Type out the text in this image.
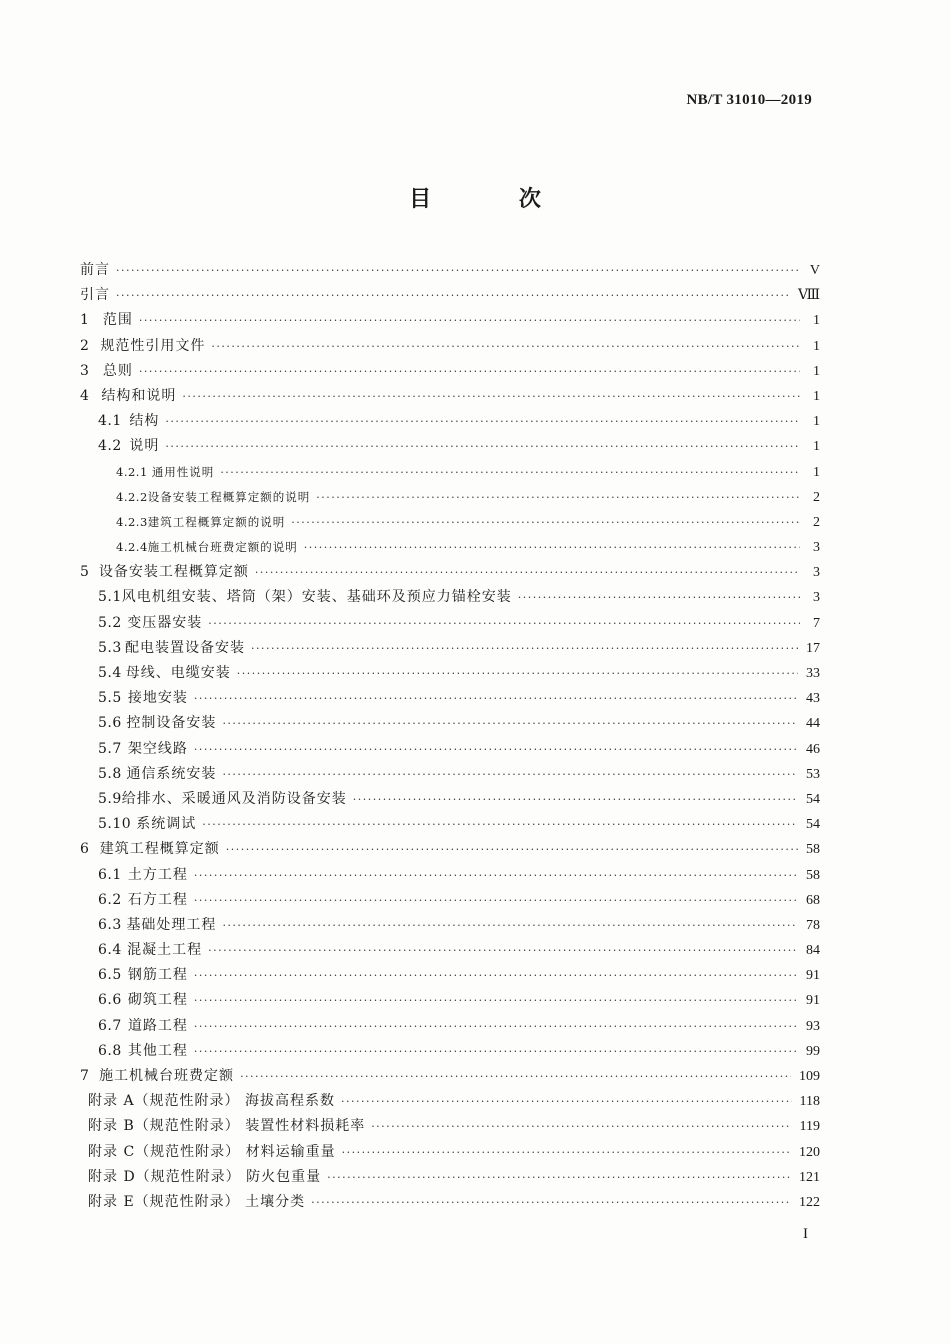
NB/T 31010—2019
目 次
前言 ·····	V
引言 ·····	Ⅷ
1 范围 ·····	1
2 规范性引用文件 ·····	1
3 总则 ·····	1
4 结构和说明 ·····	1
4.1 结构 ·····	1
4.2 说明 ·····	1
4.2.1 通用性说明 ·····	1
4.2.2 设备安装工程概算定额的说明 ·····	2
4.2.3 建筑工程概算定额的说明 ·····	2
4.2.4 施工机械台班费定额的说明 ·····	3
5 设备安装工程概算定额 ·····	3
5.1 风电机组安装、塔筒（架）安装、基础环及预应力锚栓安装 ·····	3
5.2 变压器安装 ·····	7
5.3 配电装置设备安装 ·····	17
5.4 母线、电缆安装 ·····	33
5.5 接地安装 ·····	43
5.6 控制设备安装 ·····	44
5.7 架空线路 ·····	46
5.8 通信系统安装 ·····	53
5.9 给排水、采暖通风及消防设备安装 ·····	54
5.10 系统调试 ·····	54
6 建筑工程概算定额 ·····	58
6.1 土方工程 ·····	58
6.2 石方工程 ·····	68
6.3 基础处理工程 ·····	78
6.4 混凝土工程 ·····	84
6.5 钢筋工程 ·····	91
6.6 砌筑工程 ·····	91
6.7 道路工程 ·····	93
6.8 其他工程 ·····	99
7 施工机械台班费定额 ·····	109
附录 A（规范性附录） 海拔高程系数 ·····	118
附录 B（规范性附录） 装置性材料损耗率 ·····	119
附录 C（规范性附录） 材料运输重量 ·····	120
附录 D（规范性附录） 防火包重量 ·····	121
附录 E（规范性附录） 土壤分类 ·····	122
I
